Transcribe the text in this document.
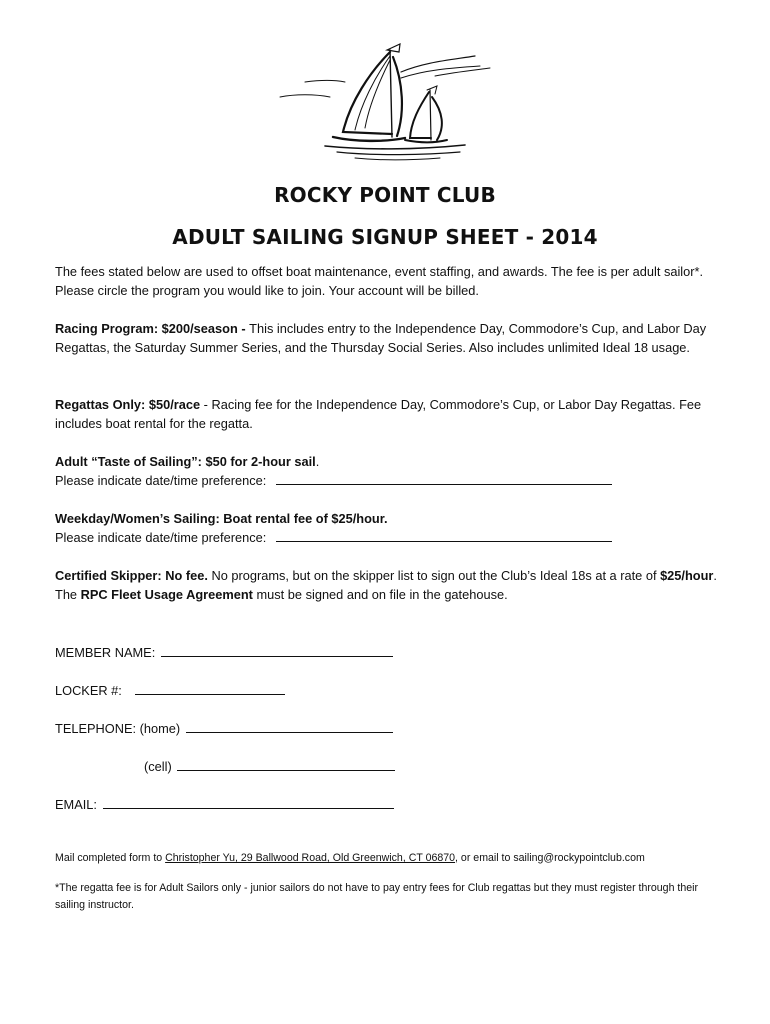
ROCKY POINT CLUB
ADULT SAILING SIGNUP SHEET - 2014
The fees stated below are used to offset boat maintenance, event staffing, and awards. The fee is per adult sailor*. Please circle the program you would like to join. Your account will be billed.
Racing Program: $200/season - This includes entry to the Independence Day, Commodore’s Cup, and Labor Day Regattas, the Saturday Summer Series, and the Thursday Social Series. Also includes unlimited Ideal 18 usage.
Regattas Only: $50/race - Racing fee for the Independence Day, Commodore’s Cup, or Labor Day Regattas. Fee includes boat rental for the regatta.
Adult “Taste of Sailing”: $50 for 2-hour sail.
Please indicate date/time preference:
Weekday/Women’s Sailing: Boat rental fee of $25/hour.
Please indicate date/time preference:
Certified Skipper: No fee. No programs, but on the skipper list to sign out the Club’s Ideal 18s at a rate of $25/hour. The RPC Fleet Usage Agreement must be signed and on file in the gatehouse.
MEMBER NAME:
LOCKER #:
TELEPHONE: (home)
(cell)
EMAIL:
Mail completed form to Christopher Yu, 29 Ballwood Road, Old Greenwich, CT 06870, or email to sailing@rockypointclub.com
*The regatta fee is for Adult Sailors only - junior sailors do not have to pay entry fees for Club regattas but they must register through their sailing instructor.
